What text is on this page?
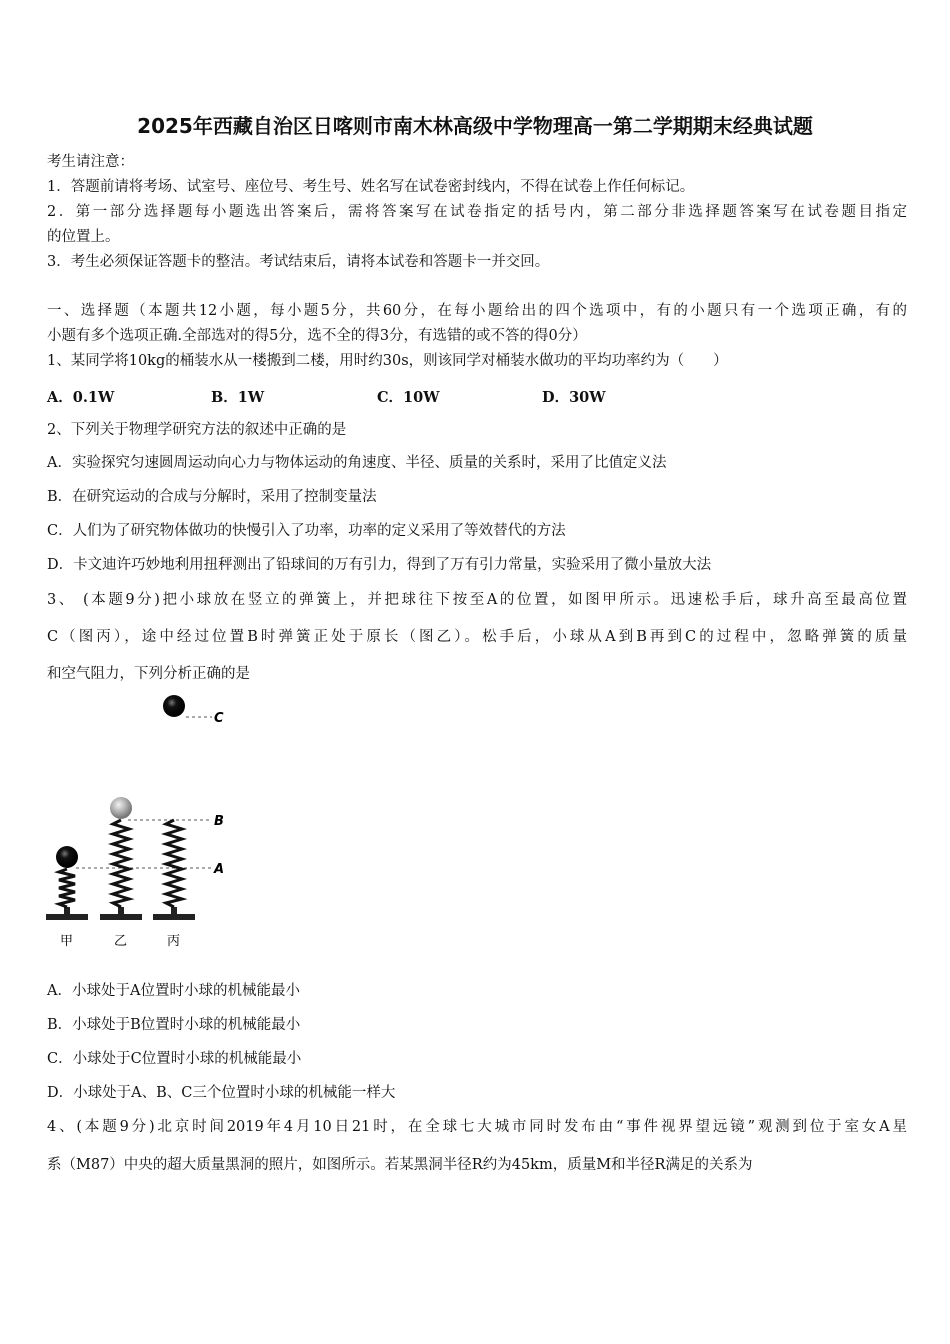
2025年西藏自治区日喀则市南木林高级中学物理高一第二学期期末经典试题
考生请注意：
1．答题前请将考场、试室号、座位号、考生号、姓名写在试卷密封线内，不得在试卷上作任何标记。
2．第一部分选择题每小题选出答案后，需将答案写在试卷指定的括号内，第二部分非选择题答案写在试卷题目指定
的位置上。
3．考生必须保证答题卡的整洁。考试结束后，请将本试卷和答题卡一并交回。
一、选择题（本题共12小题，每小题5分，共60分，在每小题给出的四个选项中，有的小题只有一个选项正确，有的
小题有多个选项正确.全部选对的得5分，选不全的得3分，有选错的或不答的得0分）
1、某同学将10kg的桶装水从一楼搬到二楼，用时约30s，则该同学对桶装水做功的平均功率约为（　　）
A．0.1W	B．1W	C．10W	D．30W
2、下列关于物理学研究方法的叙述中正确的是
A．实验探究匀速圆周运动向心力与物体运动的角速度、半径、质量的关系时，采用了比值定义法
B．在研究运动的合成与分解时，采用了控制变量法
C．人们为了研究物体做功的快慢引入了功率，功率的定义采用了等效替代的方法
D．卡文迪许巧妙地利用扭秤测出了铅球间的万有引力，得到了万有引力常量，实验采用了微小量放大法
3、 (本题9分)把小球放在竖立的弹簧上，并把球往下按至A的位置，如图甲所示。迅速松手后，球升高至最高位置
C（图丙），途中经过位置B时弹簧正处于原长（图乙）。松手后，小球从A到B再到C的过程中，忽略弹簧的质量
和空气阻力，下列分析正确的是
C
B
A
甲	乙	丙
A．小球处于A位置时小球的机械能最小
B．小球处于B位置时小球的机械能最小
C．小球处于C位置时小球的机械能最小
D．小球处于A、B、C三个位置时小球的机械能一样大
4、(本题9分)北京时间2019年4月10日21时，在全球七大城市同时发布由“事件视界望远镜”观测到位于室女A星
系（M87）中央的超大质量黑洞的照片，如图所示。若某黑洞半径R约为45km，质量M和半径R满足的关系为
